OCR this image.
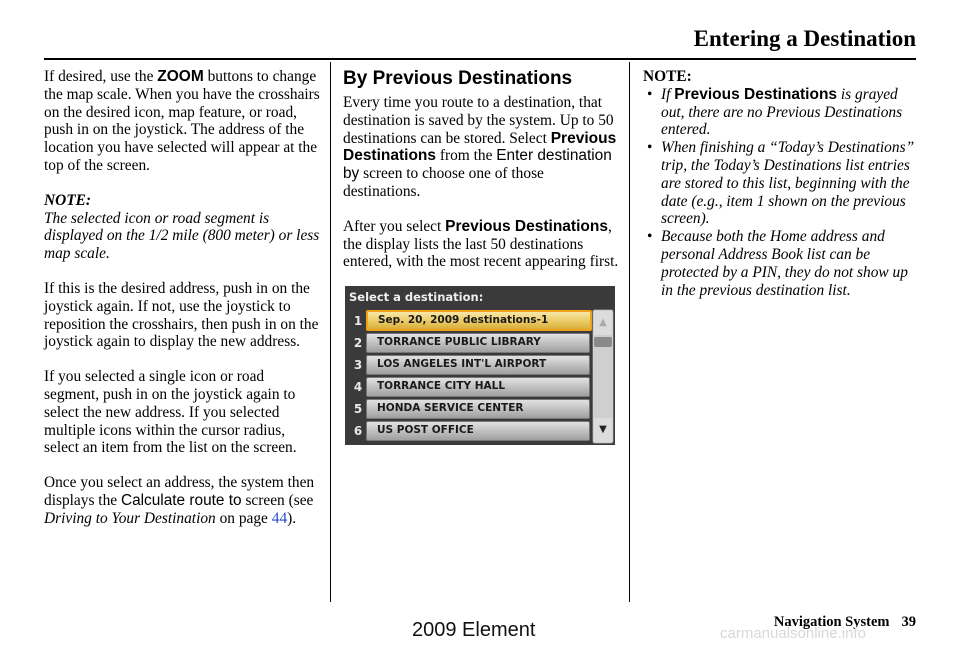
Entering a Destination

If desired, use the ZOOM buttons to change the map scale. When you have the crosshairs on the desired icon, map feature, or road, push in on the joystick. The address of the location you have selected will appear at the top of the screen.

NOTE:

The selected icon or road segment is displayed on the 1/2 mile (800 meter) or less map scale.

If this is the desired address, push in on the joystick again. If not, use the joystick to reposition the crosshairs, then push in on the joystick again to display the new address.

If you selected a single icon or road segment, push in on the joystick again to select the new address. If you selected multiple icons within the cursor radius, select an item from the list on the screen.

Once you select an address, the system then displays the Calculate route to screen (see Driving to Your Destination on page 44).

By Previous Destinations

Every time you route to a destination, that destination is saved by the system. Up to 50 destinations can be stored. Select Previous Destinations from the Enter destination by screen to choose one of those destinations.

After you select Previous Destinations, the display lists the last 50 destinations entered, with the most recent appearing first.

Select a destination:
1 Sep. 20, 2009 destinations-1
2 TORRANCE PUBLIC LIBRARY
3 LOS ANGELES INT'L AIRPORT
4 TORRANCE CITY HALL
5 HONDA SERVICE CENTER
6 US POST OFFICE
▲
▼

NOTE:

• If Previous Destinations is grayed out, there are no Previous Destinations entered.
• When finishing a “Today’s Destinations” trip, the Today’s Destinations list entries are stored to this list, beginning with the date (e.g., item 1 shown on the previous screen).
• Because both the Home address and personal Address Book list can be protected by a PIN, they do not show up in the previous destination list.
Navigation System 39
2009 Element	carmanualsonline.info
